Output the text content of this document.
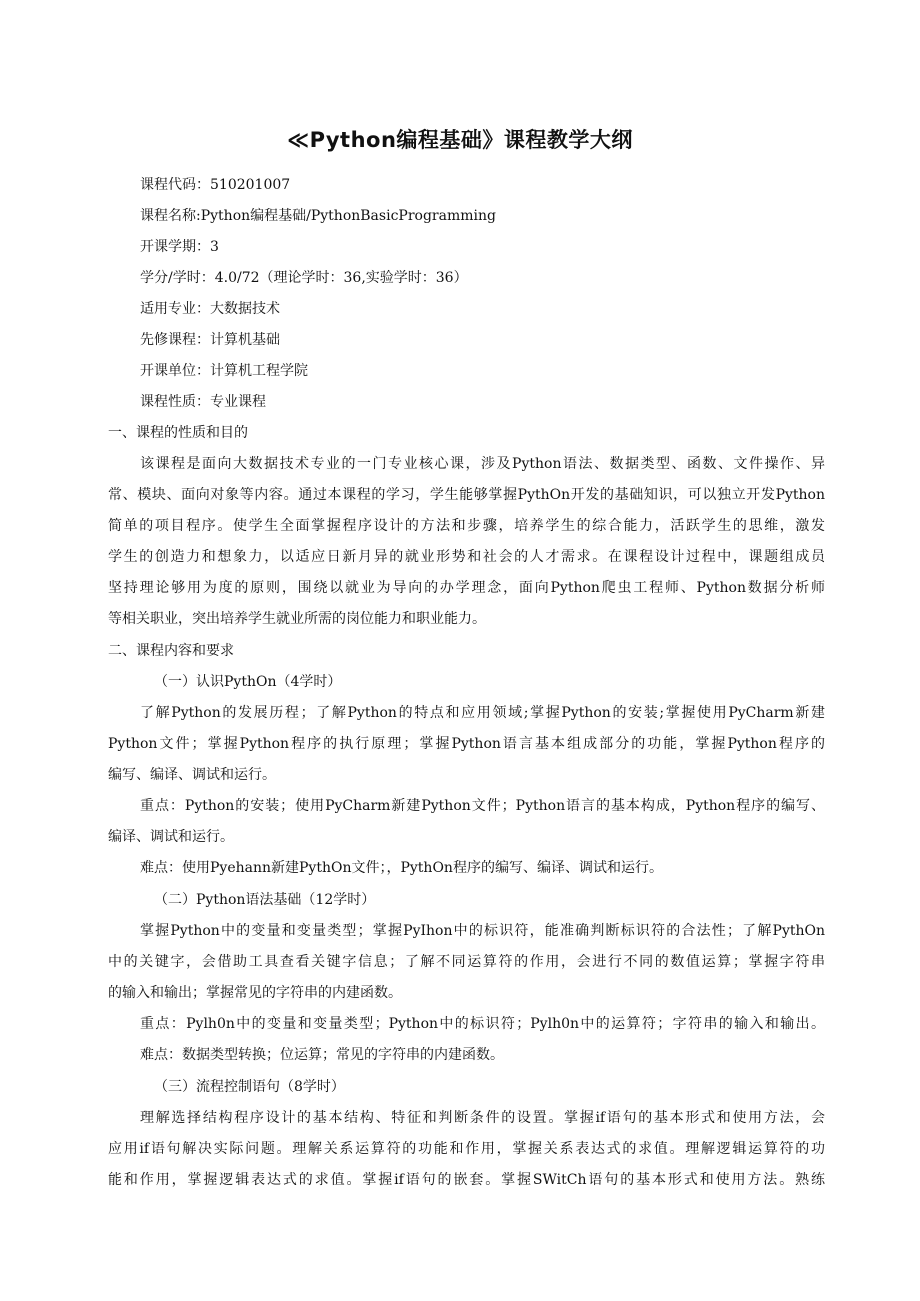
≪Python编程基础》课程教学大纲

课程代码：510201007

课程名称:Python编程基础/PythonBasicProgramming

开课学期：3

学分/学时：4.0/72（理论学时：36,实验学时：36）

适用专业：大数据技术

先修课程：计算机基础

开课单位：计算机工程学院

课程性质：专业课程

一、课程的性质和目的

该课程是面向大数据技术专业的一门专业核心课，涉及Python语法、数据类型、函数、文件操作、异
常、模块、面向对象等内容。通过本课程的学习，学生能够掌握PythOn开发的基础知识，可以独立开发Python
简单的项目程序。使学生全面掌握程序设计的方法和步骤，培养学生的综合能力，活跃学生的思维，激发
学生的创造力和想象力，以适应日新月异的就业形势和社会的人才需求。在课程设计过程中，课题组成员
坚持理论够用为度的原则，围绕以就业为导向的办学理念，面向Python爬虫工程师、Python数据分析师
等相关职业，突出培养学生就业所需的岗位能力和职业能力。

二、课程内容和要求

（一）认识PythOn（4学时）

了解Python的发展历程；了解Python的特点和应用领域;掌握Python的安装;掌握使用PyCharm新建
Python文件；掌握Python程序的执行原理；掌握Python语言基本组成部分的功能，掌握Python程序的
编写、编译、调试和运行。
重点：Python的安装；使用PyCharm新建Python文件；Python语言的基本构成，Python程序的编写、
编译、调试和运行。
难点：使用Pyehann新建PythOn文件；，PythOn程序的编写、编译、调试和运行。

（二）Python语法基础（12学时）

掌握Python中的变量和变量类型；掌握PyIhon中的标识符，能准确判断标识符的合法性；了解PythOn
中的关键字，会借助工具查看关键字信息；了解不同运算符的作用，会进行不同的数值运算；掌握字符串
的输入和输出；掌握常见的字符串的内建函数。
重点：Pylh0n中的变量和变量类型；Python中的标识符；Pylh0n中的运算符；字符串的输入和输出。
难点：数据类型转换；位运算；常见的字符串的内建函数。

（三）流程控制语句（8学时）

理解选择结构程序设计的基本结构、特征和判断条件的设置。掌握if语句的基本形式和使用方法，会
应用if语句解决实际问题。理解关系运算符的功能和作用，掌握关系表达式的求值。理解逻辑运算符的功
能和作用，掌握逻辑表达式的求值。掌握if语句的嵌套。掌握SWitCh语句的基本形式和使用方法。熟练
